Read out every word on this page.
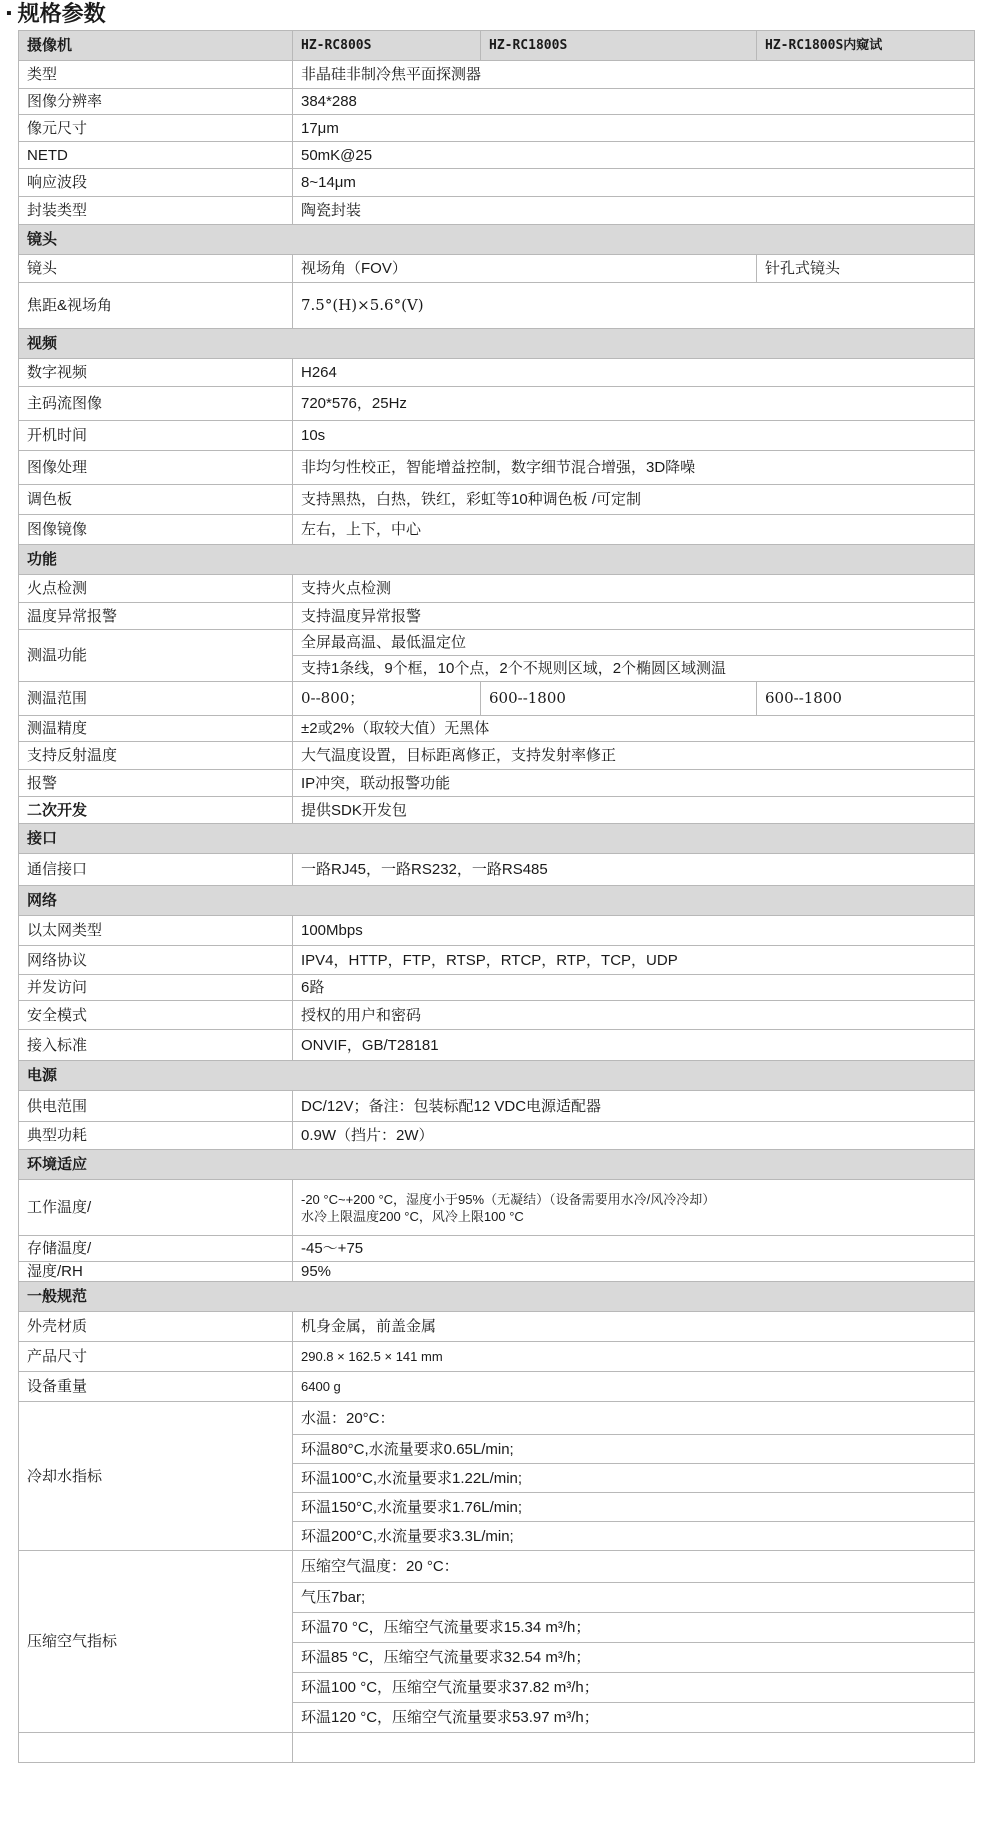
▪ 规格参数
摄像机	HZ-RC800S	HZ-RC1800S	HZ-RC1800S内窥试
类型	非晶硅非制冷焦平面探测器		
图像分辨率	384*288		
像元尺寸	17μm		
NETD	50mK@25		
响应波段	8~14μm		
封装类型	陶瓷封装		
镜头			
镜头	视场角（FOV）		针孔式镜头
焦距&视场角	7.5°(H)×5.6°(V)		
视频			
数字视频	H264		
主码流图像	720*576，25Hz		
开机时间	10s		
图像处理	非均匀性校正，智能增益控制，数字细节混合增强，3D降噪		
调色板	支持黑热，白热，铁红，彩虹等10种调色板 /可定制		
图像镜像	左右，上下，中心		
功能			
火点检测	支持火点检测		
温度异常报警	支持温度异常报警		
测温功能	全屏最高温、最低温定位		
	支持1条线，9个框，10个点，2个不规则区域，2个椭圆区域测温		
测温范围	0--800；	600--1800	600--1800
测温精度	±2或2%（取较大值）无黑体		
支持反射温度	大气温度设置，目标距离修正，支持发射率修正		
报警	IP冲突，联动报警功能		
二次开发	提供SDK开发包		
接口			
通信接口	一路RJ45，一路RS232，一路RS485		
网络			
以太网类型	100Mbps		
网络协议	IPV4，HTTP，FTP，RTSP，RTCP，RTP，TCP，UDP		
并发访问	6路		
安全模式	授权的用户和密码		
接入标准	ONVIF，GB/T28181		
电源			
供电范围	DC/12V；备注：包装标配12 VDC电源适配器		
典型功耗	0.9W（挡片：2W）		
环境适应			
工作温度/	-20 °C~+200 °C，湿度小于95%（无凝结）（设备需要用水冷/风冷冷却）
水冷上限温度200 °C，风冷上限100 °C		

存储温度/	-45～+75		
湿度/RH	95%		
一般规范			
外壳材质	机身金属，前盖金属		
产品尺寸	290.8 × 162.5 × 141 mm		
设备重量	6400 g		
冷却水指标	水温：20°C：		
	环温80°C,水流量要求0.65L/min;		
	环温100°C,水流量要求1.22L/min;		
	环温150°C,水流量要求1.76L/min;		
	环温200°C,水流量要求3.3L/min;		
压缩空气指标	压缩空气温度：20 °C：		
	气压7bar;		
	环温70 °C，压缩空气流量要求15.34 m³/h；		
	环温85 °C，压缩空气流量要求32.54 m³/h；		
	环温100 °C，压缩空气流量要求37.82 m³/h；		
	环温120 °C，压缩空气流量要求53.97 m³/h；		
